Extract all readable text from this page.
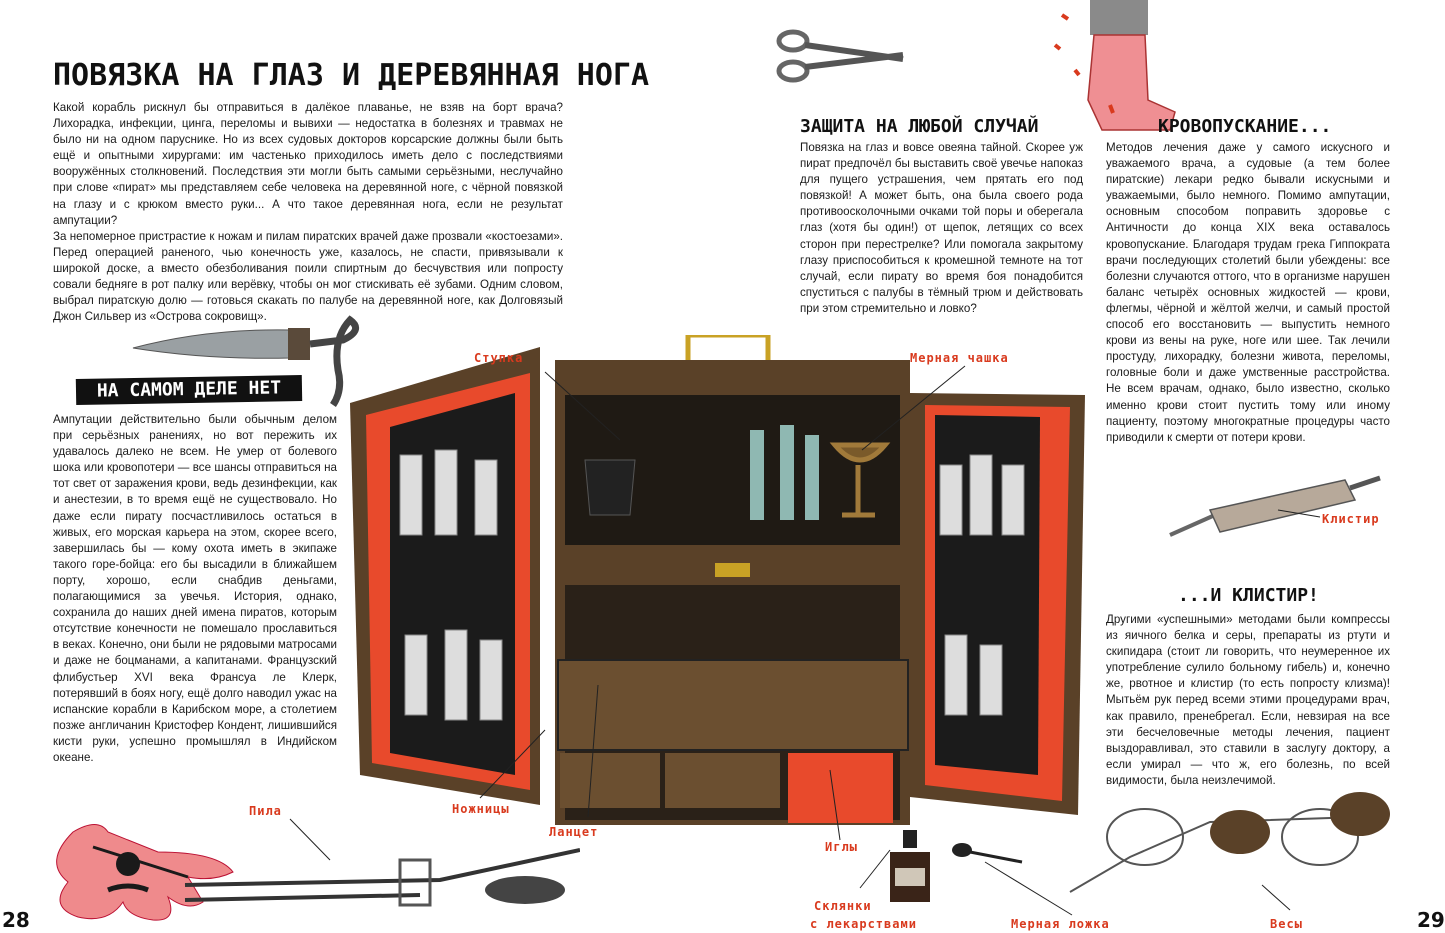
ПОВЯЗКА НА ГЛАЗ И ДЕРЕВЯННАЯ НОГА

Какой корабль рискнул бы отправиться в далёкое плаванье, не взяв на борт врача? Лихорадка, инфекции, цинга, переломы и вывихи — недостатка в болезнях и травмах не было ни на одном паруснике. Но из всех судовых докторов корсарские должны были быть ещё и опытными хирургами: им частенько приходилось иметь дело с последствиями вооружённых столкновений. Последствия эти могли быть самыми серьёзными, неслучайно при слове «пират» мы представляем себе человека на деревянной ноге, с чёрной повязкой на глазу и с крюком вместо руки... А что такое деревянная нога, если не результат ампутации?

За непомерное пристрастие к ножам и пилам пиратских врачей даже прозвали «костоезами». Перед операцией раненого, чью конечность уже, казалось, не спасти, привязывали к широкой доске, а вместо обезболивания поили спиртным до бесчувствия или попросту совали бедняге в рот палку или верёвку, чтобы он мог стискивать её зубами. Одним словом, выбрал пиратскую долю — готовься скакать по палубе на деревянной ноге, как Долговязый Джон Сильвер из «Острова сокровищ».

НА САМОМ ДЕЛЕ НЕТ
Ампутации действительно были обычным делом при серьёзных ранениях, но вот пережить их удавалось далеко не всем. Не умер от болевого шока или кровопотери — все шансы отправиться на тот свет от заражения крови, ведь дезинфекции, как и анестезии, в то время ещё не существовало. Но даже если пирату посчастливилось остаться в живых, его морская карьера на этом, скорее всего, завершилась бы — кому охота иметь в экипаже такого горе-бойца: его бы высадили в ближайшем порту, хорошо, если снабдив деньгами, полагающимися за увечья. История, однако, сохранила до наших дней имена пиратов, которым отсутствие конечности не помешало прославиться в веках. Конечно, они были не рядовыми матросами и даже не боцманами, а капитанами. Французский флибустьер XVI века Франсуа ле Клерк, потерявший в боях ногу, ещё долго наводил ужас на испанские корабли в Карибском море, а столетием позже англичанин Кристофер Кондент, лишившийся кисти руки, успешно промышлял в Индийском океане.
ЗАЩИТА НА ЛЮБОЙ СЛУЧАЙ
Повязка на глаз и вовсе овеяна тайной. Скорее уж пират предпочёл бы выставить своё увечье напоказ для пущего устрашения, чем прятать его под повязкой! А может быть, она была своего рода противоосколочными очками той поры и оберегала глаз (хотя бы один!) от щепок, летящих со всех сторон при перестрелке? Или помогала закрытому глазу приспособиться к кромешной темноте на тот случай, если пирату во время боя понадобится спуститься с палубы в тёмный трюм и действовать при этом стремительно и ловко?
КРОВОПУСКАНИЕ...
Методов лечения даже у самого искусного и уважаемого врача, а судовые (а тем более пиратские) лекари редко бывали искусными и уважаемыми, было немного. Помимо ампутации, основным способом поправить здоровье с Античности до конца XIX века оставалось кровопускание. Благодаря трудам грека Гиппократа врачи последующих столетий были убеждены: все болезни случаются оттого, что в организме нарушен баланс четырёх основных жидкостей — крови, флегмы, чёрной и жёлтой желчи, и самый простой способ его восстановить — выпустить немного крови из вены на руке, ноге или шее. Так лечили простуду, лихорадку, болезни живота, переломы, головные боли и даже умственные расстройства. Не всем врачам, однако, было известно, сколько именно крови стоит пустить тому или иному пациенту, поэтому многократные процедуры часто приводили к смерти от потери крови.
...И КЛИСТИР!
Другими «успешными» методами были компрессы из яичного белка и серы, препараты из ртути и скипидара (стоит ли говорить, что неумеренное их употребление сулило больному гибель) и, конечно же, рвотное и клистир (то есть попросту клизма)! Мытьём рук перед всеми этими процедурами врач, как правило, пренебрегал. Если, невзирая на все эти бесчеловечные методы лечения, пациент выздоравливал, это ставили в заслугу доктору, а если умирал — что ж, его болезнь, по всей видимости, была неизлечимой.
Ступка	Мерная чашка
Клистир
Пила	Ножницы
Ланцет
Иглы
Склянки
с лекарствами	Мерная ложка	Весы
28	29
